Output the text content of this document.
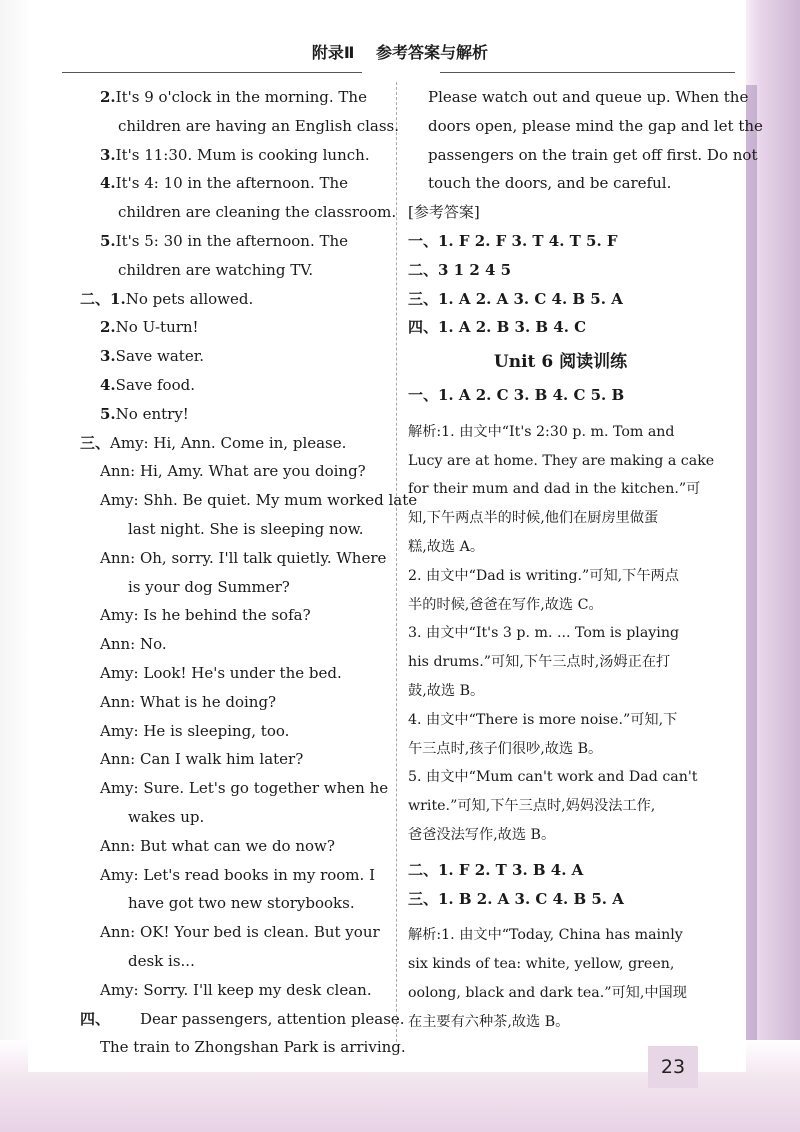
附录Ⅱ 参考答案与解析
2.It's 9 o'clock in the morning. The
children are having an English class.
3.It's 11:30. Mum is cooking lunch.
4.It's 4: 10 in the afternoon. The
children are cleaning the classroom.
5.It's 5: 30 in the afternoon. The
children are watching TV.
二、1.No pets allowed.
2.No U-turn!
3.Save water.
4.Save food.
5.No entry!
三、Amy: Hi, Ann. Come in, please.
Ann: Hi, Amy. What are you doing?
Amy: Shh. Be quiet. My mum worked late
last night. She is sleeping now.
Ann: Oh, sorry. I'll talk quietly. Where
is your dog Summer?
Amy: Is he behind the sofa?
Ann: No.
Amy: Look! He's under the bed.
Ann: What is he doing?
Amy: He is sleeping, too.
Ann: Can I walk him later?
Amy: Sure. Let's go together when he
wakes up.
Ann: But what can we do now?
Amy: Let's read books in my room. I
have got two new storybooks.
Ann: OK! Your bed is clean. But your
desk is...
Amy: Sorry. I'll keep my desk clean.
四、 Dear passengers, attention please.
The train to Zhongshan Park is arriving.
Please watch out and queue up. When the
doors open, please mind the gap and let the
passengers on the train get off first. Do not
touch the doors, and be careful.
[参考答案]
一、1. F 2. F 3. T 4. T 5. F
二、3 1 2 4 5
三、1. A 2. A 3. C 4. B 5. A
四、1. A 2. B 3. B 4. C
Unit 6 阅读训练
一、1. A 2. C 3. B 4. C 5. B
解析:1. 由文中“It's 2:30 p. m. Tom and
Lucy are at home. They are making a cake
for their mum and dad in the kitchen.”可
知,下午两点半的时候,他们在厨房里做蛋
糕,故选 A。
2. 由文中“Dad is writing.”可知,下午两点
半的时候,爸爸在写作,故选 C。
3. 由文中“It's 3 p. m. ... Tom is playing
his drums.”可知,下午三点时,汤姆正在打
鼓,故选 B。
4. 由文中“There is more noise.”可知,下
午三点时,孩子们很吵,故选 B。
5. 由文中“Mum can't work and Dad can't
write.”可知,下午三点时,妈妈没法工作,
爸爸没法写作,故选 B。
二、1. F 2. T 3. B 4. A
三、1. B 2. A 3. C 4. B 5. A
解析:1. 由文中“Today, China has mainly
six kinds of tea: white, yellow, green,
oolong, black and dark tea.”可知,中国现
在主要有六种茶,故选 B。
23
